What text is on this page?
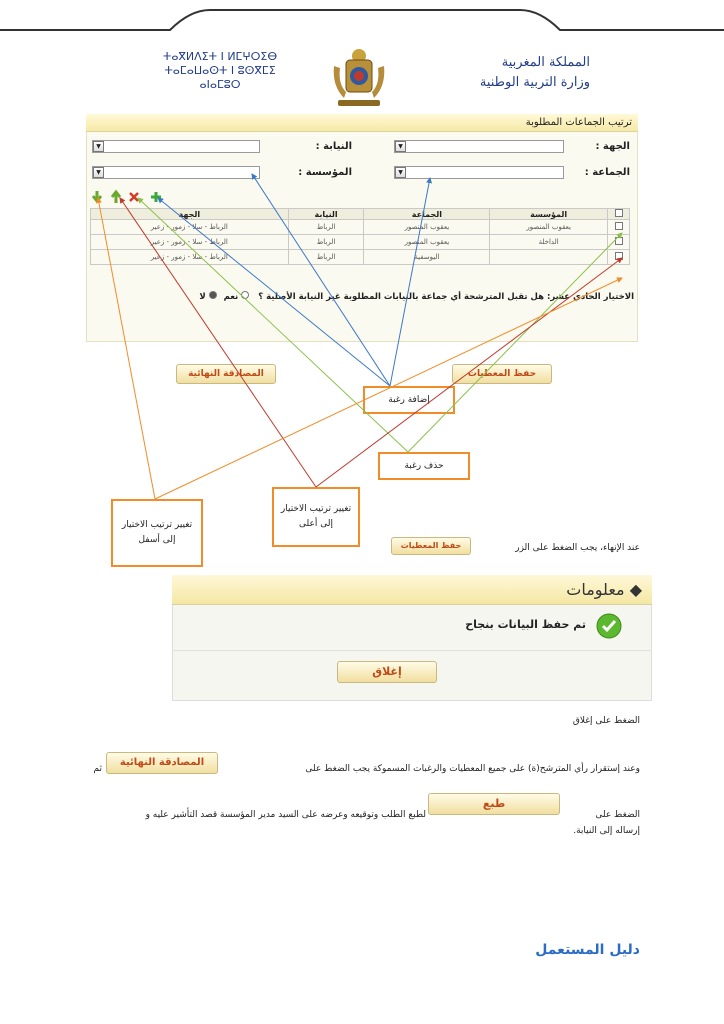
ⵜⴰⴳⵍⴷⵉⵜ ⵏ ⵍⵎⵖⵔⵉⴱ
ⵜⴰⵎⴰⵡⴰⵙⵜ ⵏ ⵓⵙⴳⵎⵉ
ⴰⵏⴰⵎⵓⵔ
المملكة المغربية
وزارة التربية الوطنية
ترتيب الجماعات المطلوبة
الجهة :
▼
النيابة :
▼
الجماعة :
▼
المؤسسة :
▼
	المؤسسة	الجماعة	النيابة	الجهة
	يعقوب المنصور	يعقوب المنصور	الرباط	الرباط - سلا - زمور - زعير
	الداخلة	يعقوب المنصور	الرباط	الرباط - سلا - زمور - زعير
		اليوسفية	الرباط	الرباط - سلا - زمور - زعير
الاختيار الحادي عشر: هل تقبل المترشحة أي جماعة بالنيابات المطلوبة غير النيابة الأصلية ؟  نعم  لا
حفظ المعطيات
المصادقة النهائية
إضافة رغبة
حذف رغبة
تغيير ترتيب الاختيار إلى أعلى
تغيير ترتيب الاختيار إلى أسفل
عند الإنهاء، يجب الضغط على الزر
حفظ المعطيات
◆ معلومات
تم حفظ البيانات بنجاح
إغلاق
الضغط على إغلاق
وعند إستقرار رأي المترشح(ة) على جميع المعطيات والرغبات المسموكة يجب الضغط على
المصادقة النهائية
ثم
الضغط على
طبع
لطبع الطلب وتوقيعه وعرضه على السيد مدير المؤسسة قصد التأشير عليه و
إرساله إلى النيابة.
دليل المستعمل
